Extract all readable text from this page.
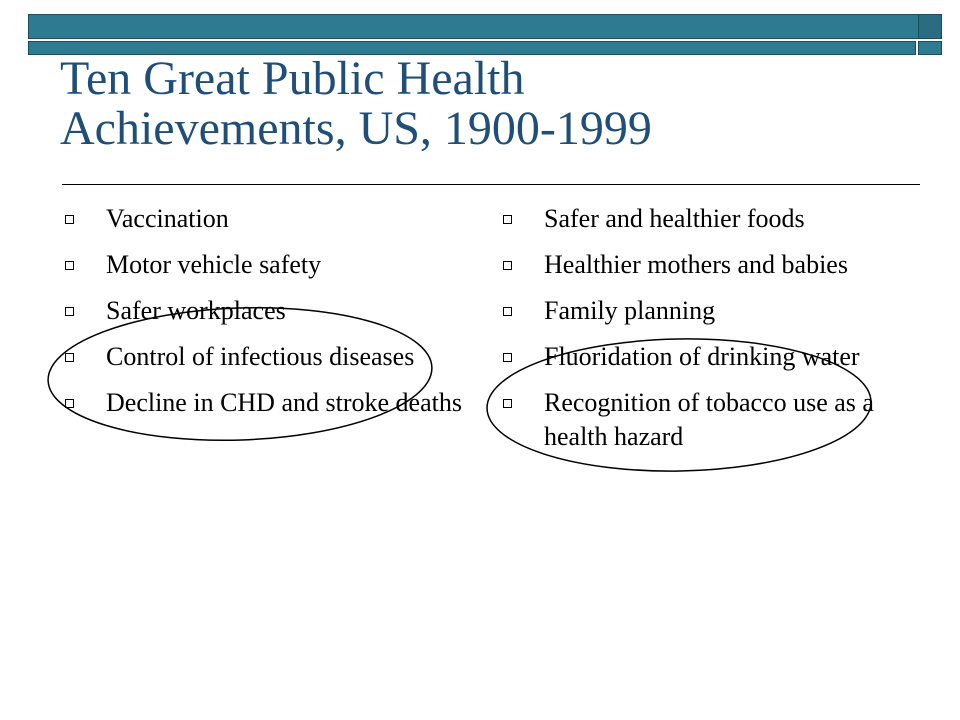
Ten Great Public Health
Achievements, US, 1900-1999
Vaccination
Motor vehicle safety
Safer workplaces
Control of infectious diseases
Decline in CHD and stroke deaths
Safer and healthier foods
Healthier mothers and babies
Family planning
Fluoridation of drinking water
Recognition of tobacco use as a health hazard
